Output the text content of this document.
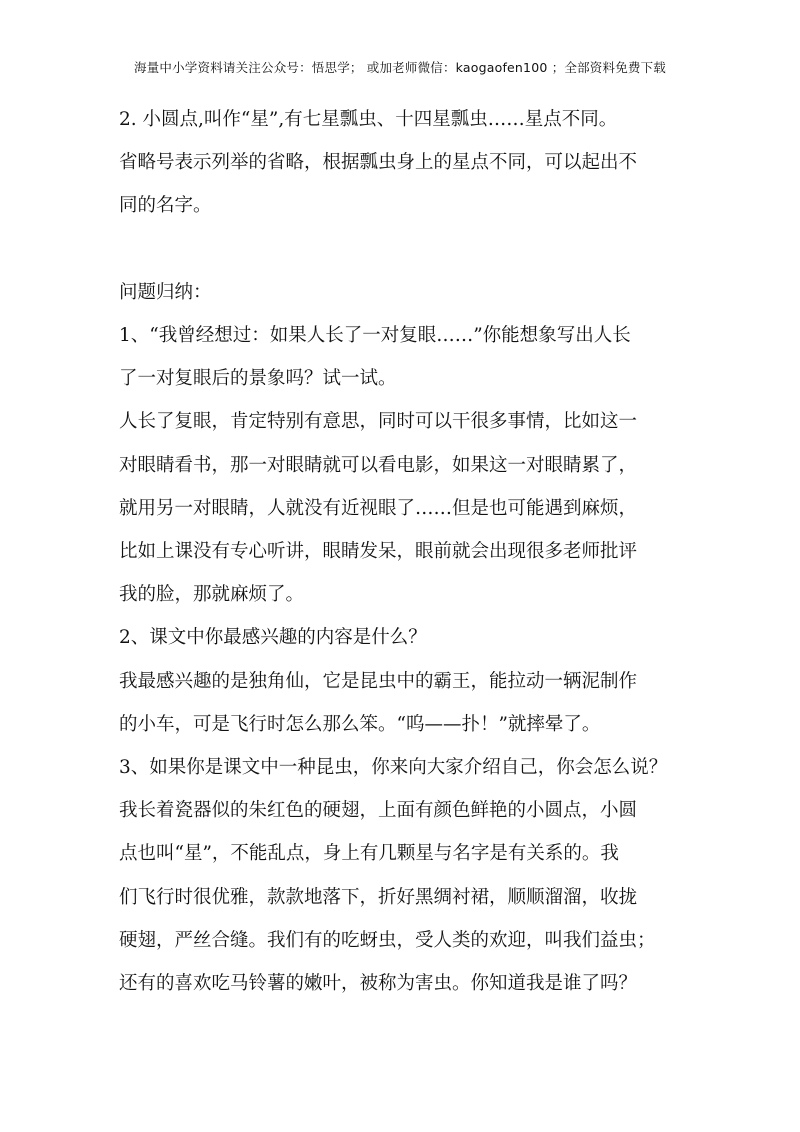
海量中小学资料请关注公众号：悟思学； 或加老师微信：kaogaofen100 ；全部资料免费下载

2. 小圆点,叫作“星”,有七星瓢虫、十四星瓢虫……星点不同。

省略号表示列举的省略，根据瓢虫身上的星点不同，可以起出不

同的名字。

问题归纳：

1、“我曾经想过：如果人长了一对复眼……”你能想象写出人长

了一对复眼后的景象吗？试一试。

人长了复眼，肯定特别有意思，同时可以干很多事情，比如这一

对眼睛看书，那一对眼睛就可以看电影，如果这一对眼睛累了，

就用另一对眼睛，人就没有近视眼了……但是也可能遇到麻烦，

比如上课没有专心听讲，眼睛发呆，眼前就会出现很多老师批评

我的脸，那就麻烦了。

2、课文中你最感兴趣的内容是什么？

我最感兴趣的是独角仙，它是昆虫中的霸王，能拉动一辆泥制作

的小车，可是飞行时怎么那么笨。“呜——扑！”就摔晕了。

3、如果你是课文中一种昆虫，你来向大家介绍自己，你会怎么说？

我长着瓷器似的朱红色的硬翅，上面有颜色鲜艳的小圆点，小圆

点也叫“星”，不能乱点，身上有几颗星与名字是有关系的。我

们飞行时很优雅，款款地落下，折好黑绸衬裙，顺顺溜溜，收拢

硬翅，严丝合缝。我们有的吃蚜虫，受人类的欢迎，叫我们益虫；

还有的喜欢吃马铃薯的嫩叶，被称为害虫。你知道我是谁了吗？
